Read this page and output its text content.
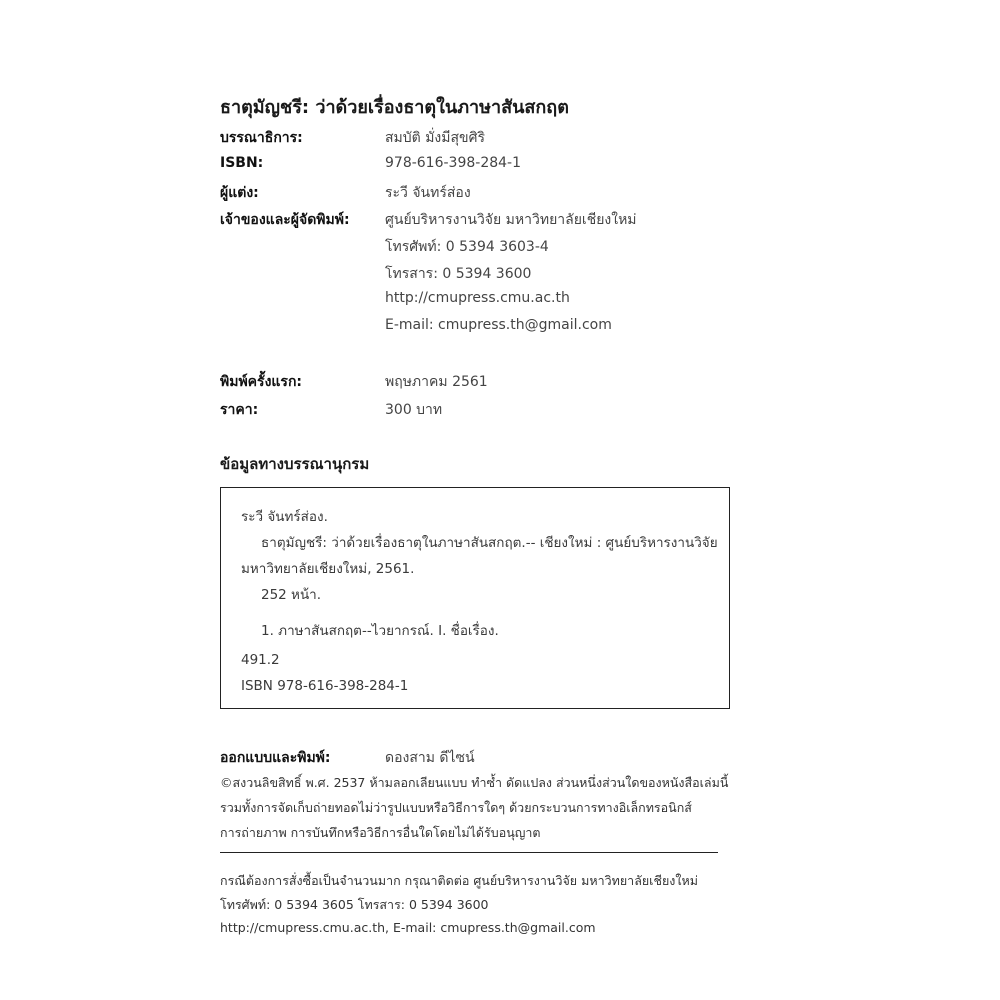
ธาตุมัญชรี: ว่าด้วยเรื่องธาตุในภาษาสันสกฤต
บรรณาธิการ:	สมบัติ มั่งมีสุขศิริ
ISBN:	978-616-398-284-1
ผู้แต่ง:	ระวี จันทร์ส่อง
เจ้าของและผู้จัดพิมพ์:	ศูนย์บริหารงานวิจัย มหาวิทยาลัยเชียงใหม่
โทรศัพท์: 0 5394 3603-4
โทรสาร: 0 5394 3600
http://cmupress.cmu.ac.th
E-mail: cmupress.th@gmail.com
พิมพ์ครั้งแรก:	พฤษภาคม 2561
ราคา:	300 บาท
ข้อมูลทางบรรณานุกรม
ระวี จันทร์ส่อง.
ธาตุมัญชรี: ว่าด้วยเรื่องธาตุในภาษาสันสกฤต.-- เชียงใหม่ : ศูนย์บริหารงานวิจัย
มหาวิทยาลัยเชียงใหม่, 2561.
252 หน้า.
1. ภาษาสันสกฤต--ไวยากรณ์. I. ชื่อเรื่อง.
491.2
ISBN 978-616-398-284-1
ออกแบบและพิมพ์:	ดองสาม ดีไซน์
©สงวนลิขสิทธิ์ พ.ศ. 2537 ห้ามลอกเลียนแบบ ทำซ้ำ ดัดแปลง ส่วนหนึ่งส่วนใดของหนังสือเล่มนี้
รวมทั้งการจัดเก็บถ่ายทอดไม่ว่ารูปแบบหรือวิธีการใดๆ ด้วยกระบวนการทางอิเล็กทรอนิกส์
การถ่ายภาพ การบันทึกหรือวิธีการอื่นใดโดยไม่ได้รับอนุญาต
กรณีต้องการสั่งซื้อเป็นจำนวนมาก กรุณาติดต่อ ศูนย์บริหารงานวิจัย มหาวิทยาลัยเชียงใหม่
โทรศัพท์: 0 5394 3605 โทรสาร: 0 5394 3600
http://cmupress.cmu.ac.th, E-mail: cmupress.th@gmail.com
